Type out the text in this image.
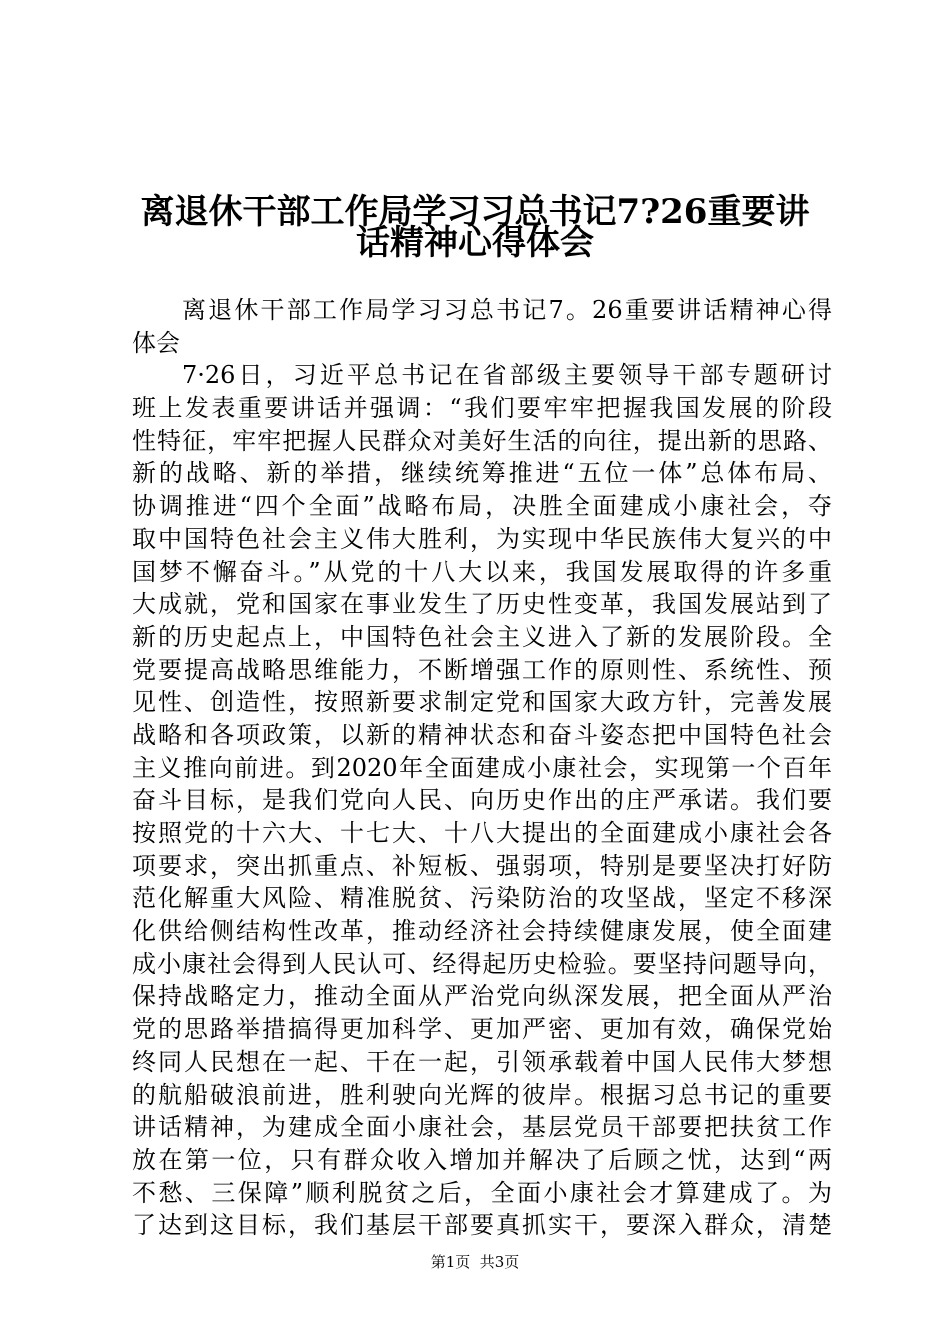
离退休干部工作局学习习总书记7?26重要讲
话精神心得体会
离退休干部工作局学习习总书记7。26重要讲话精神心得
体会
7·26日，习近平总书记在省部级主要领导干部专题研讨
班上发表重要讲话并强调：“我们要牢牢把握我国发展的阶段
性特征，牢牢把握人民群众对美好生活的向往，提出新的思路、
新的战略、新的举措，继续统筹推进“五位一体”总体布局、
协调推进“四个全面”战略布局，决胜全面建成小康社会，夺
取中国特色社会主义伟大胜利，为实现中华民族伟大复兴的中
国梦不懈奋斗。”从党的十八大以来，我国发展取得的许多重
大成就，党和国家在事业发生了历史性变革，我国发展站到了
新的历史起点上，中国特色社会主义进入了新的发展阶段。全
党要提高战略思维能力，不断增强工作的原则性、系统性、预
见性、创造性，按照新要求制定党和国家大政方针，完善发展
战略和各项政策，以新的精神状态和奋斗姿态把中国特色社会
主义推向前进。到2020年全面建成小康社会，实现第一个百年
奋斗目标，是我们党向人民、向历史作出的庄严承诺。我们要
按照党的十六大、十七大、十八大提出的全面建成小康社会各
项要求，突出抓重点、补短板、强弱项，特别是要坚决打好防
范化解重大风险、精准脱贫、污染防治的攻坚战，坚定不移深
化供给侧结构性改革，推动经济社会持续健康发展，使全面建
成小康社会得到人民认可、经得起历史检验。要坚持问题导向，
保持战略定力，推动全面从严治党向纵深发展，把全面从严治
党的思路举措搞得更加科学、更加严密、更加有效，确保党始
终同人民想在一起、干在一起，引领承载着中国人民伟大梦想
的航船破浪前进，胜利驶向光辉的彼岸。根据习总书记的重要
讲话精神，为建成全面小康社会，基层党员干部要把扶贫工作
放在第一位，只有群众收入增加并解决了后顾之忧，达到“两
不愁、三保障”顺利脱贫之后，全面小康社会才算建成了。为
了达到这目标，我们基层干部要真抓实干，要深入群众，清楚
第1页  共3页
